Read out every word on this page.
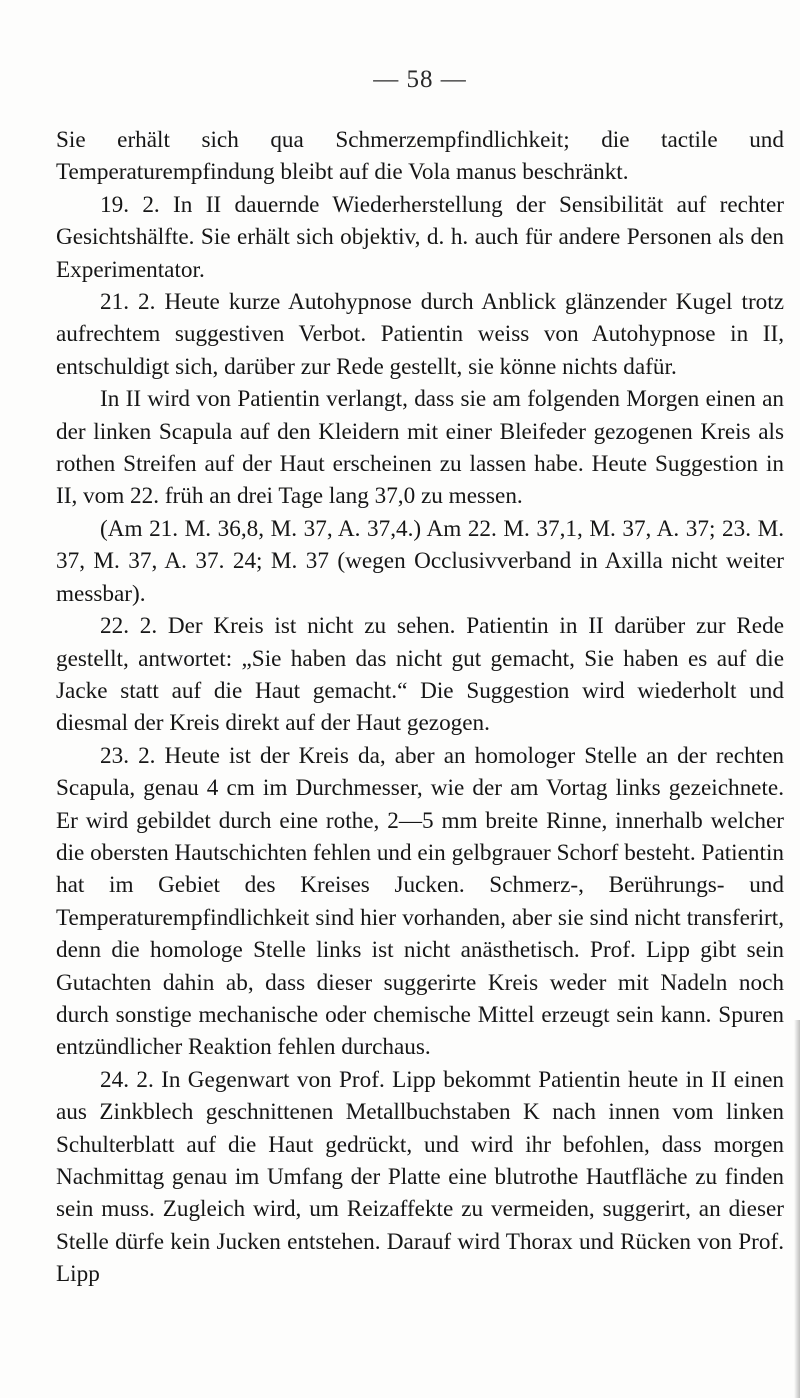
— 58 —

Sie erhält sich qua Schmerzempfindlichkeit; die tactile und Temperaturempfindung bleibt auf die Vola manus beschränkt.

19. 2. In II dauernde Wiederherstellung der Sensibilität auf rechter Gesichtshälfte. Sie erhält sich objektiv, d. h. auch für andere Personen als den Experimentator.

21. 2. Heute kurze Autohypnose durch Anblick glänzender Kugel trotz aufrechtem suggestiven Verbot. Patientin weiss von Autohypnose in II, entschuldigt sich, darüber zur Rede gestellt, sie könne nichts dafür.

In II wird von Patientin verlangt, dass sie am folgenden Morgen einen an der linken Scapula auf den Kleidern mit einer Bleifeder gezogenen Kreis als rothen Streifen auf der Haut erscheinen zu lassen habe. Heute Suggestion in II, vom 22. früh an drei Tage lang 37,0 zu messen.

(Am 21. M. 36,8, M. 37, A. 37,4.) Am 22. M. 37,1, M. 37, A. 37; 23. M. 37, M. 37, A. 37. 24; M. 37 (wegen Occlusivverband in Axilla nicht weiter messbar).

22. 2. Der Kreis ist nicht zu sehen. Patientin in II darüber zur Rede gestellt, antwortet: „Sie haben das nicht gut gemacht, Sie haben es auf die Jacke statt auf die Haut gemacht.“ Die Suggestion wird wiederholt und diesmal der Kreis direkt auf der Haut gezogen.

23. 2. Heute ist der Kreis da, aber an homologer Stelle an der rechten Scapula, genau 4 cm im Durchmesser, wie der am Vortag links gezeichnete. Er wird gebildet durch eine rothe, 2—5 mm breite Rinne, innerhalb welcher die obersten Hautschichten fehlen und ein gelbgrauer Schorf besteht. Patientin hat im Gebiet des Kreises Jucken. Schmerz-, Berührungs- und Temperaturempfindlichkeit sind hier vorhanden, aber sie sind nicht transferirt, denn die homologe Stelle links ist nicht anästhetisch. Prof. Lipp gibt sein Gutachten dahin ab, dass dieser suggerirte Kreis weder mit Nadeln noch durch sonstige mechanische oder chemische Mittel erzeugt sein kann. Spuren entzündlicher Reaktion fehlen durchaus.

24. 2. In Gegenwart von Prof. Lipp bekommt Patientin heute in II einen aus Zinkblech geschnittenen Metallbuchstaben K nach innen vom linken Schulterblatt auf die Haut gedrückt, und wird ihr befohlen, dass morgen Nachmittag genau im Umfang der Platte eine blutrothe Hautfläche zu finden sein muss. Zugleich wird, um Reizaffekte zu vermeiden, suggerirt, an dieser Stelle dürfe kein Jucken entstehen. Darauf wird Thorax und Rücken von Prof. Lipp
